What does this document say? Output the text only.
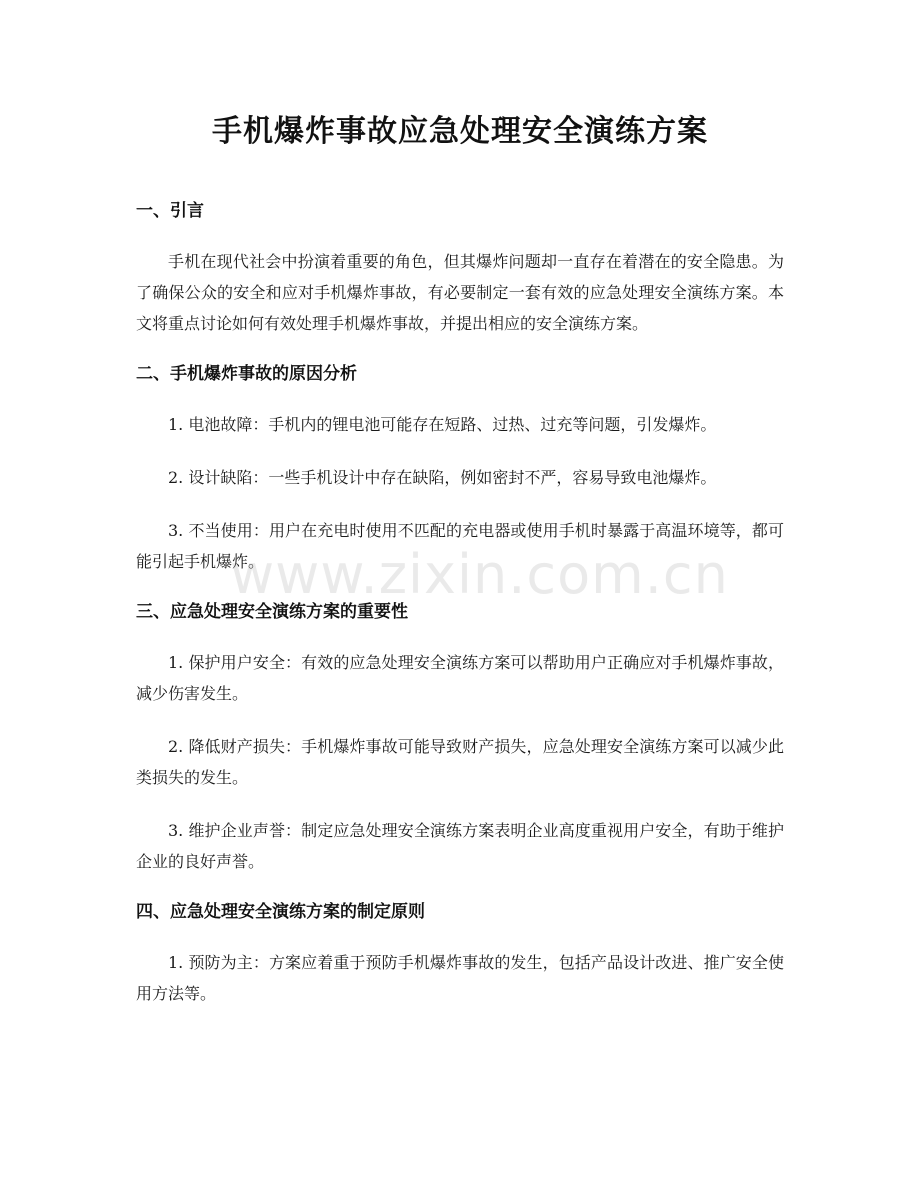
手机爆炸事故应急处理安全演练方案
一、引言

手机在现代社会中扮演着重要的角色，但其爆炸问题却一直存在着潜在的安全隐患。为了确保公众的安全和应对手机爆炸事故，有必要制定一套有效的应急处理安全演练方案。本文将重点讨论如何有效处理手机爆炸事故，并提出相应的安全演练方案。

二、手机爆炸事故的原因分析

1. 电池故障：手机内的锂电池可能存在短路、过热、过充等问题，引发爆炸。

2. 设计缺陷：一些手机设计中存在缺陷，例如密封不严，容易导致电池爆炸。

3. 不当使用：用户在充电时使用不匹配的充电器或使用手机时暴露于高温环境等，都可能引起手机爆炸。

三、应急处理安全演练方案的重要性

1. 保护用户安全：有效的应急处理安全演练方案可以帮助用户正确应对手机爆炸事故，减少伤害发生。

2. 降低财产损失：手机爆炸事故可能导致财产损失，应急处理安全演练方案可以减少此类损失的发生。

3. 维护企业声誉：制定应急处理安全演练方案表明企业高度重视用户安全，有助于维护企业的良好声誉。

四、应急处理安全演练方案的制定原则

1. 预防为主：方案应着重于预防手机爆炸事故的发生，包括产品设计改进、推广安全使用方法等。

www.zixin.com.cn
